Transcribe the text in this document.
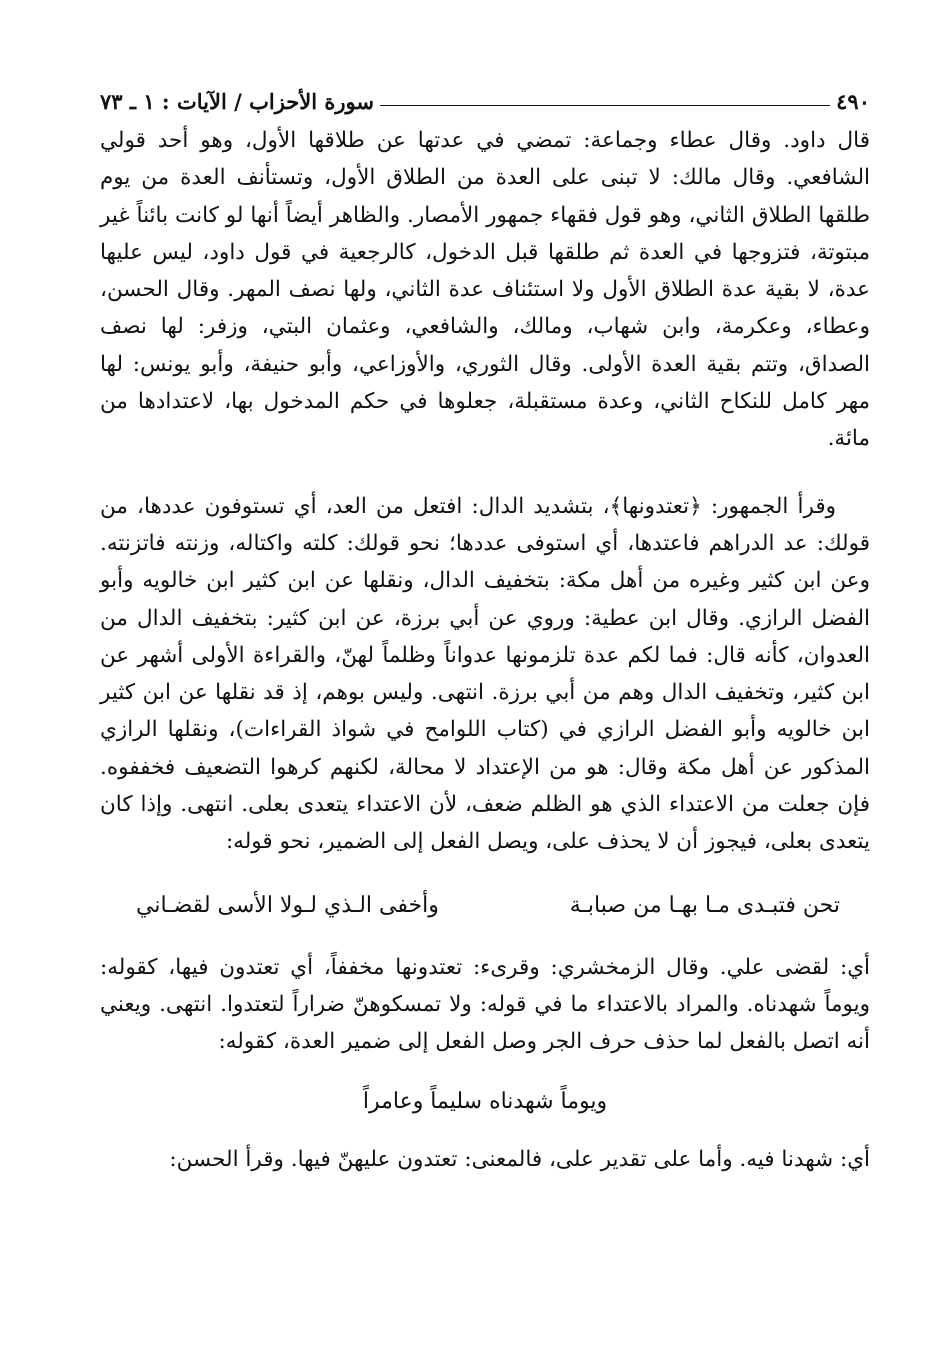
٤٩٠
سورة الأحزاب / الآيات : ١ ـ ٧٣

قال داود. وقال عطاء وجماعة: تمضي في عدتها عن طلاقها الأول، وهو أحد قولي الشافعي. وقال مالك: لا تبنى على العدة من الطلاق الأول، وتستأنف العدة من يوم طلقها الطلاق الثاني، وهو قول فقهاء جمهور الأمصار. والظاهر أيضاً أنها لو كانت بائناً غير مبتوتة، فتزوجها في العدة ثم طلقها قبل الدخول، كالرجعية في قول داود، ليس عليها عدة، لا بقية عدة الطلاق الأول ولا استئناف عدة الثاني، ولها نصف المهر. وقال الحسن، وعطاء، وعكرمة، وابن شهاب، ومالك، والشافعي، وعثمان البتي، وزفر: لها نصف الصداق، وتتم بقية العدة الأولى. وقال الثوري، والأوزاعي، وأبو حنيفة، وأبو يونس: لها مهر كامل للنكاح الثاني، وعدة مستقبلة، جعلوها في حكم المدخول بها، لاعتدادها من مائة.

وقرأ الجمهور: ﴿تعتدونها﴾، بتشديد الدال: افتعل من العد، أي تستوفون عددها، من قولك: عد الدراهم فاعتدها، أي استوفى عددها؛ نحو قولك: كلته واكتاله، وزنته فاتزنته. وعن ابن كثير وغيره من أهل مكة: بتخفيف الدال، ونقلها عن ابن كثير ابن خالويه وأبو الفضل الرازي. وقال ابن عطية: وروي عن أبي برزة، عن ابن كثير: بتخفيف الدال من العدوان، كأنه قال: فما لكم عدة تلزمونها عدواناً وظلماً لهنّ، والقراءة الأولى أشهر عن ابن كثير، وتخفيف الدال وهم من أبي برزة. انتهى. وليس بوهم، إذ قد نقلها عن ابن كثير ابن خالويه وأبو الفضل الرازي في (كتاب اللوامح في شواذ القراءات)، ونقلها الرازي المذكور عن أهل مكة وقال: هو من الإعتداد لا محالة، لكنهم كرهوا التضعيف فخففوه. فإن جعلت من الاعتداء الذي هو الظلم ضعف، لأن الاعتداء يتعدى بعلى. انتهى. وإذا كان يتعدى بعلى، فيجوز أن لا يحذف على، ويصل الفعل إلى الضمير، نحو قوله:

تحن فتبـدى مـا بهـا من صبابـة
وأخفى الـذي لـولا الأسى لقضـاني

أي: لقضى علي. وقال الزمخشري: وقرىء: تعتدونها مخففاً، أي تعتدون فيها، كقوله: ويوماً شهدناه. والمراد بالاعتداء ما في قوله: ولا تمسكوهنّ ضراراً لتعتدوا. انتهى. ويعني أنه اتصل بالفعل لما حذف حرف الجر وصل الفعل إلى ضمير العدة، كقوله:

ويوماً شهدناه سليماً وعامراً

أي: شهدنا فيه. وأما على تقدير على، فالمعنى: تعتدون عليهنّ فيها. وقرأ الحسن:
